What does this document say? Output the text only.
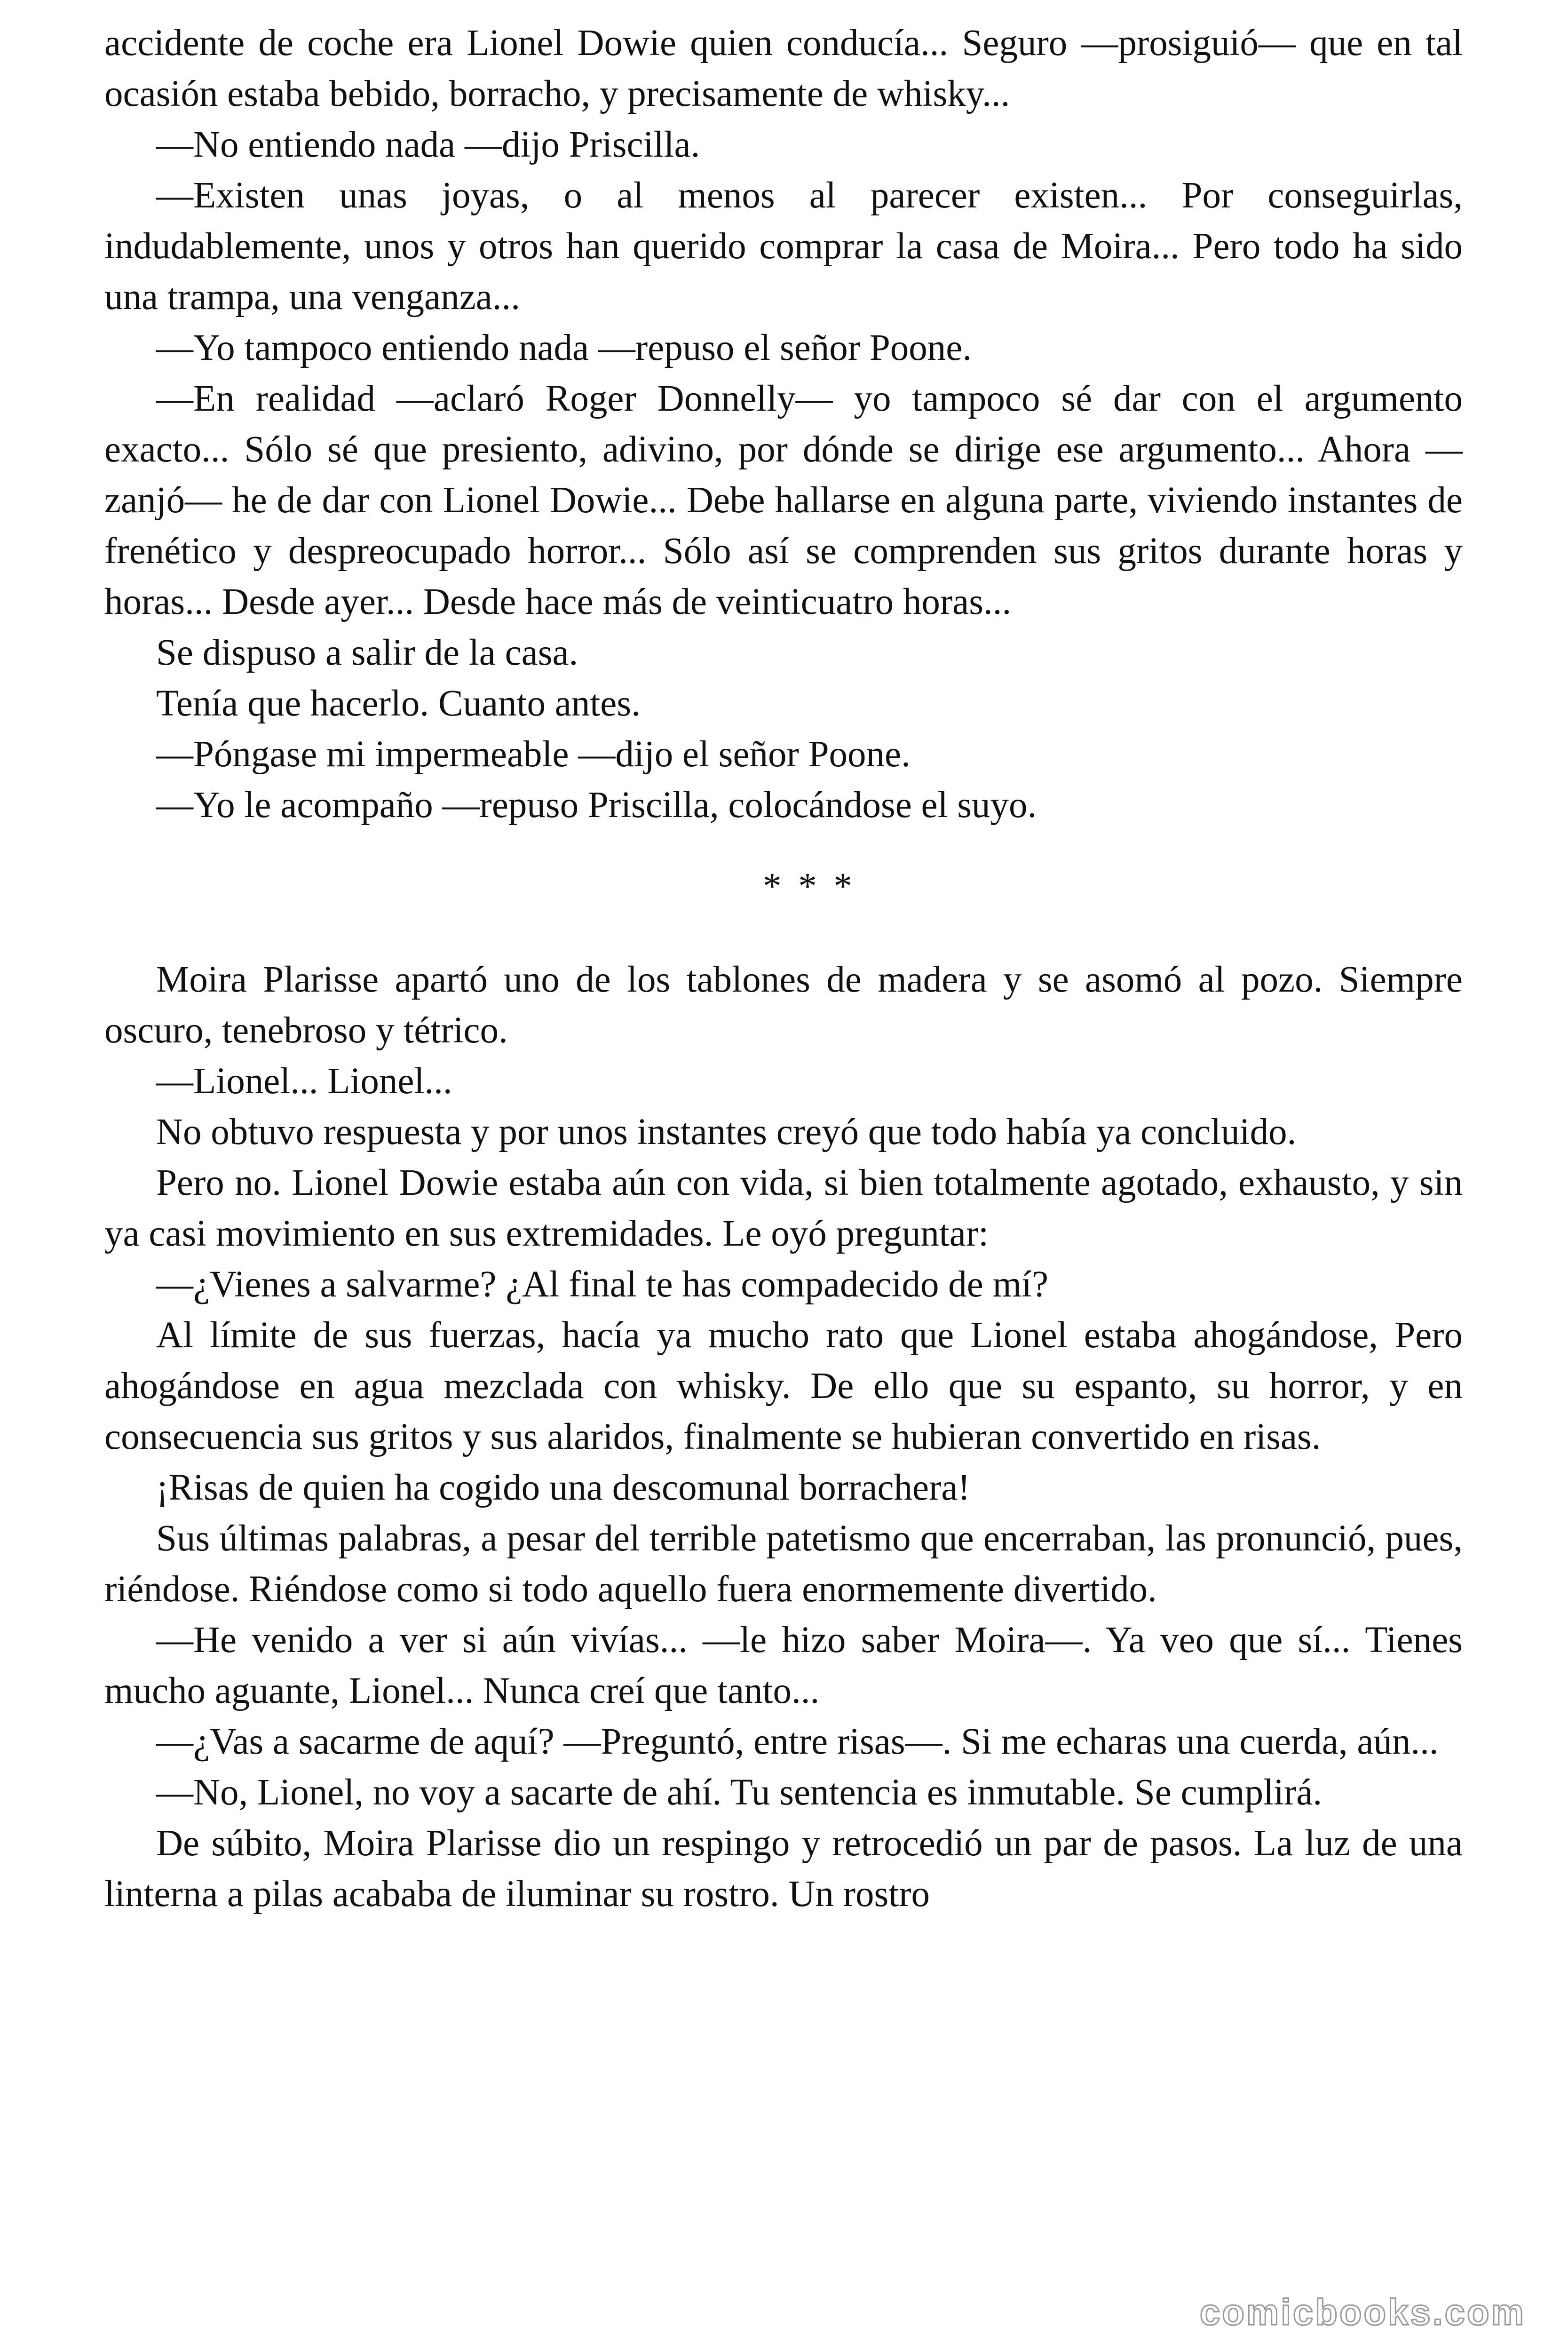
accidente de coche era Lionel Dowie quien conducía... Seguro —prosiguió— que en tal ocasión estaba bebido, borracho, y precisamente de whisky...

—No entiendo nada —dijo Priscilla.

—Existen unas joyas, o al menos al parecer existen... Por conseguirlas, indudablemente, unos y otros han querido comprar la casa de Moira... Pero todo ha sido una trampa, una venganza...

—Yo tampoco entiendo nada —repuso el señor Poone.

—En realidad —aclaró Roger Donnelly— yo tampoco sé dar con el argumento exacto... Sólo sé que presiento, adivino, por dónde se dirige ese argumento... Ahora —zanjó— he de dar con Lionel Dowie... Debe hallarse en alguna parte, viviendo instantes de frenético y despreocupado horror... Sólo así se comprenden sus gritos durante horas y horas... Desde ayer... Desde hace más de veinticuatro horas...

Se dispuso a salir de la casa.

Tenía que hacerlo. Cuanto antes.

—Póngase mi impermeable —dijo el señor Poone.

—Yo le acompaño —repuso Priscilla, colocándose el suyo.

* * *

Moira Plarisse apartó uno de los tablones de madera y se asomó al pozo. Siempre oscuro, tenebroso y tétrico.

—Lionel... Lionel...

No obtuvo respuesta y por unos instantes creyó que todo había ya concluido.

Pero no. Lionel Dowie estaba aún con vida, si bien totalmente agotado, exhausto, y sin ya casi movimiento en sus extremidades. Le oyó preguntar:

—¿Vienes a salvarme? ¿Al final te has compadecido de mí?

Al límite de sus fuerzas, hacía ya mucho rato que Lionel estaba ahogándose, Pero ahogándose en agua mezclada con whisky. De ello que su espanto, su horror, y en consecuencia sus gritos y sus alaridos, finalmente se hubieran convertido en risas.

¡Risas de quien ha cogido una descomunal borrachera!

Sus últimas palabras, a pesar del terrible patetismo que encerraban, las pronunció, pues, riéndose. Riéndose como si todo aquello fuera enormemente divertido.

—He venido a ver si aún vivías... —le hizo saber Moira—. Ya veo que sí... Tienes mucho aguante, Lionel... Nunca creí que tanto...

—¿Vas a sacarme de aquí? —Preguntó, entre risas—. Si me echaras una cuerda, aún...

—No, Lionel, no voy a sacarte de ahí. Tu sentencia es inmutable. Se cumplirá.

De súbito, Moira Plarisse dio un respingo y retrocedió un par de pasos. La luz de una linterna a pilas acababa de iluminar su rostro. Un rostro

comicbooks.com
